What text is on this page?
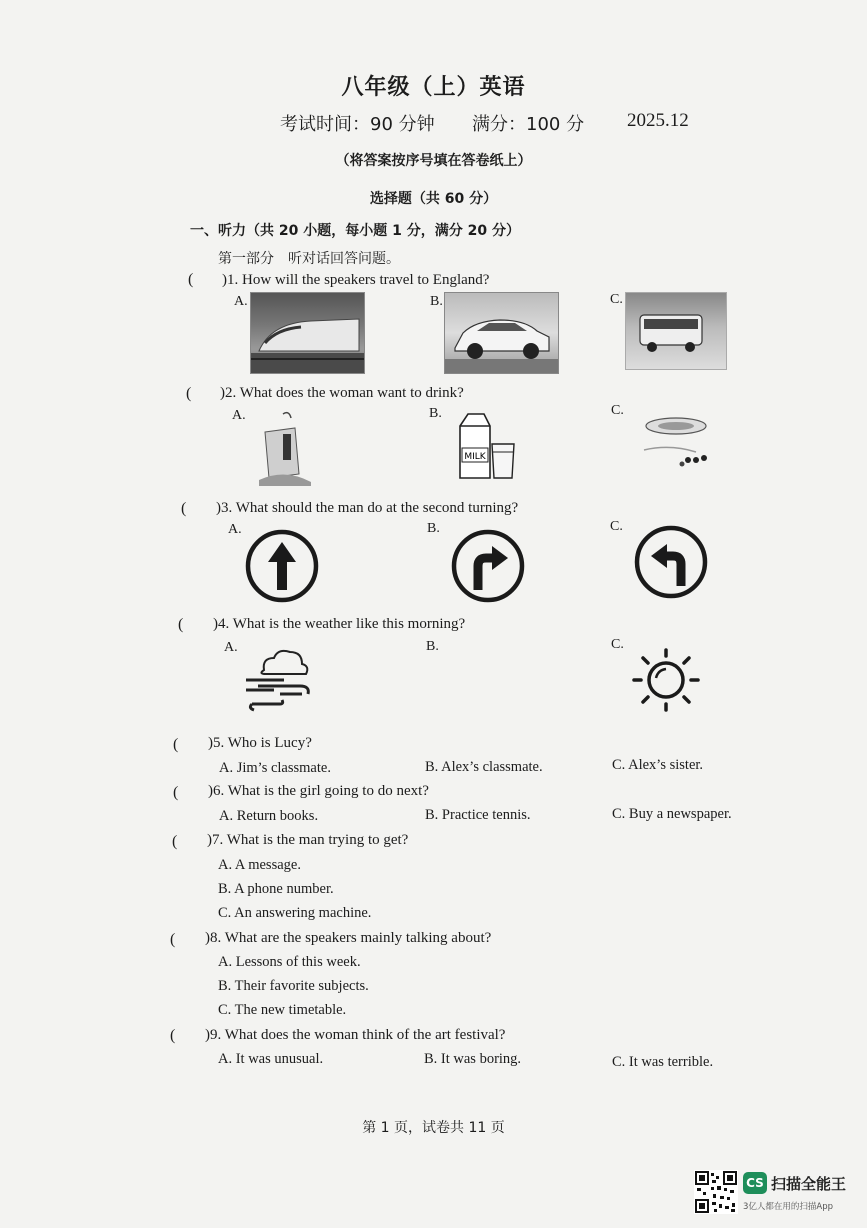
八年级（上）英语
考试时间：90 分钟 满分：100 分 2025.12
（将答案按序号填在答卷纸上）
选择题（共 60 分）
一、听力（共 20 小题，每小题 1 分，满分 20 分）
第一部分　听对话回答问题。
( )1. How will the speakers travel to England?
A.	B.	C.
( )2. What does the woman want to drink?
A.	B.	C.
MILK
( )3. What should the man do at the second turning?
A.	B.	C.
( )4. What is the weather like this morning?
A.	B.	C.
( )5. Who is Lucy?
A. Jim’s classmate.	B. Alex’s classmate.	C. Alex’s sister.
( )6. What is the girl going to do next?
A. Return books.	B. Practice tennis.	C. Buy a newspaper.
( )7. What is the man trying to get?
A. A message.
B. A phone number.
C. An answering machine.
( )8. What are the speakers mainly talking about?
A. Lessons of this week.
B. Their favorite subjects.
C. The new timetable.
( )9. What does the woman think of the art festival?
A. It was unusual.	B. It was boring.	C. It was terrible.
第 1 页，试卷共 11 页
CS 扫描全能王
3亿人都在用的扫描App
